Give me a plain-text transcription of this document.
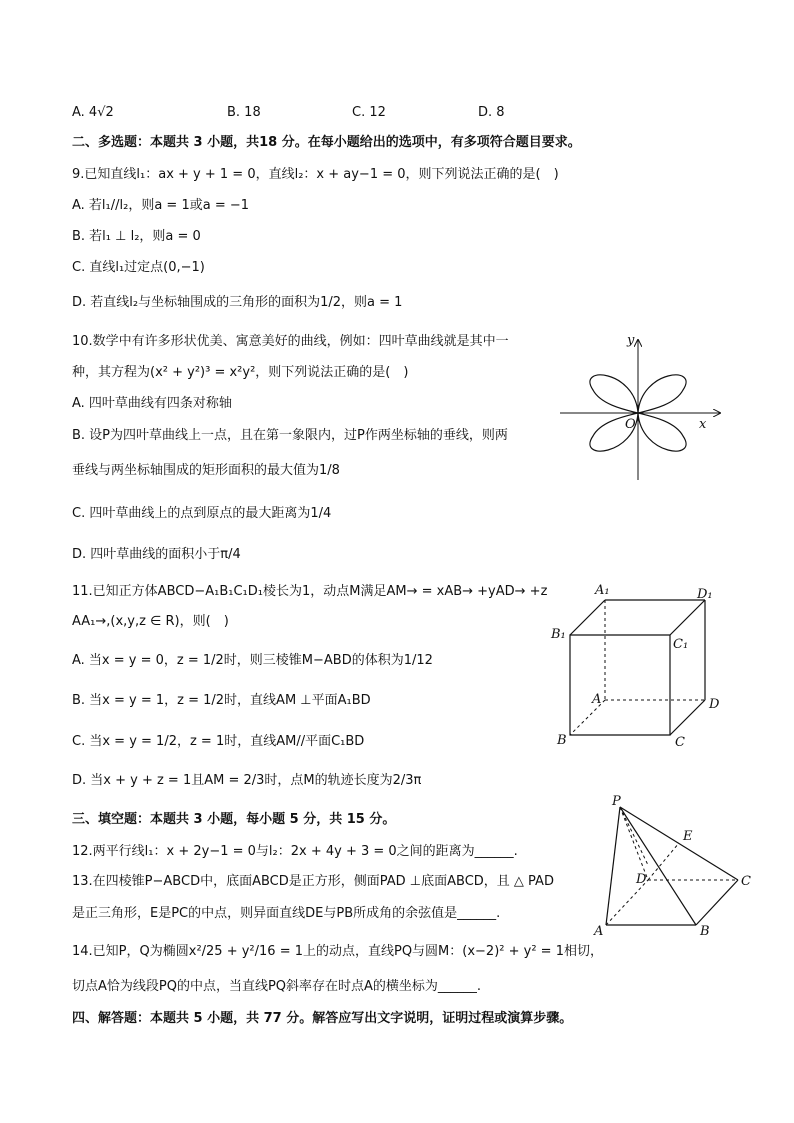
A. 4√2	B. 18	C. 12	D. 8
二、多选题：本题共 3 小题，共18 分。在每小题给出的选项中，有多项符合题目要求。
9.已知直线l₁：ax + y + 1 = 0，直线l₂：x + ay−1 = 0，则下列说法正确的是(　)
A. 若l₁//l₂，则a = 1或a = −1
B. 若l₁ ⊥ l₂，则a = 0
C. 直线l₁过定点(0,−1)
D. 若直线l₂与坐标轴围成的三角形的面积为1/2，则a = 1
10.数学中有许多形状优美、寓意美好的曲线，例如：四叶草曲线就是其中一
种，其方程为(x² + y²)³ = x²y²，则下列说法正确的是(　)
A. 四叶草曲线有四条对称轴
B. 设P为四叶草曲线上一点，且在第一象限内，过P作两坐标轴的垂线，则两
垂线与两坐标轴围成的矩形面积的最大值为1/8
C. 四叶草曲线上的点到原点的最大距离为1/4
D. 四叶草曲线的面积小于π/4
y
x
O
11.已知正方体ABCD−A₁B₁C₁D₁棱长为1，动点M满足AM→ = xAB→ +yAD→ +z
AA₁→,(x,y,z ∈ R)，则(　)
A. 当x = y = 0，z = 1/2时，则三棱锥M−ABD的体积为1/12
B. 当x = y = 1，z = 1/2时，直线AM ⊥平面A₁BD
C. 当x = y = 1/2，z = 1时，直线AM//平面C₁BD
D. 当x + y + z = 1且AM = 2/3时，点M的轨迹长度为2/3π
A₁	D₁
B₁
C₁
A	D
B	C
三、填空题：本题共 3 小题，每小题 5 分，共 15 分。
12.两平行线l₁：x + 2y−1 = 0与l₂：2x + 4y + 3 = 0之间的距离为______.
13.在四棱锥P−ABCD中，底面ABCD是正方形，侧面PAD ⊥底面ABCD，且 △ PAD
是正三角形，E是PC的中点，则异面直线DE与PB所成角的余弦值是______.
P
E
D	C
A	B
14.已知P，Q为椭圆x²/25 + y²/16 = 1上的动点，直线PQ与圆M：(x−2)² + y² = 1相切，
切点A恰为线段PQ的中点，当直线PQ斜率存在时点A的横坐标为______.
四、解答题：本题共 5 小题，共 77 分。解答应写出文字说明，证明过程或演算步骤。
